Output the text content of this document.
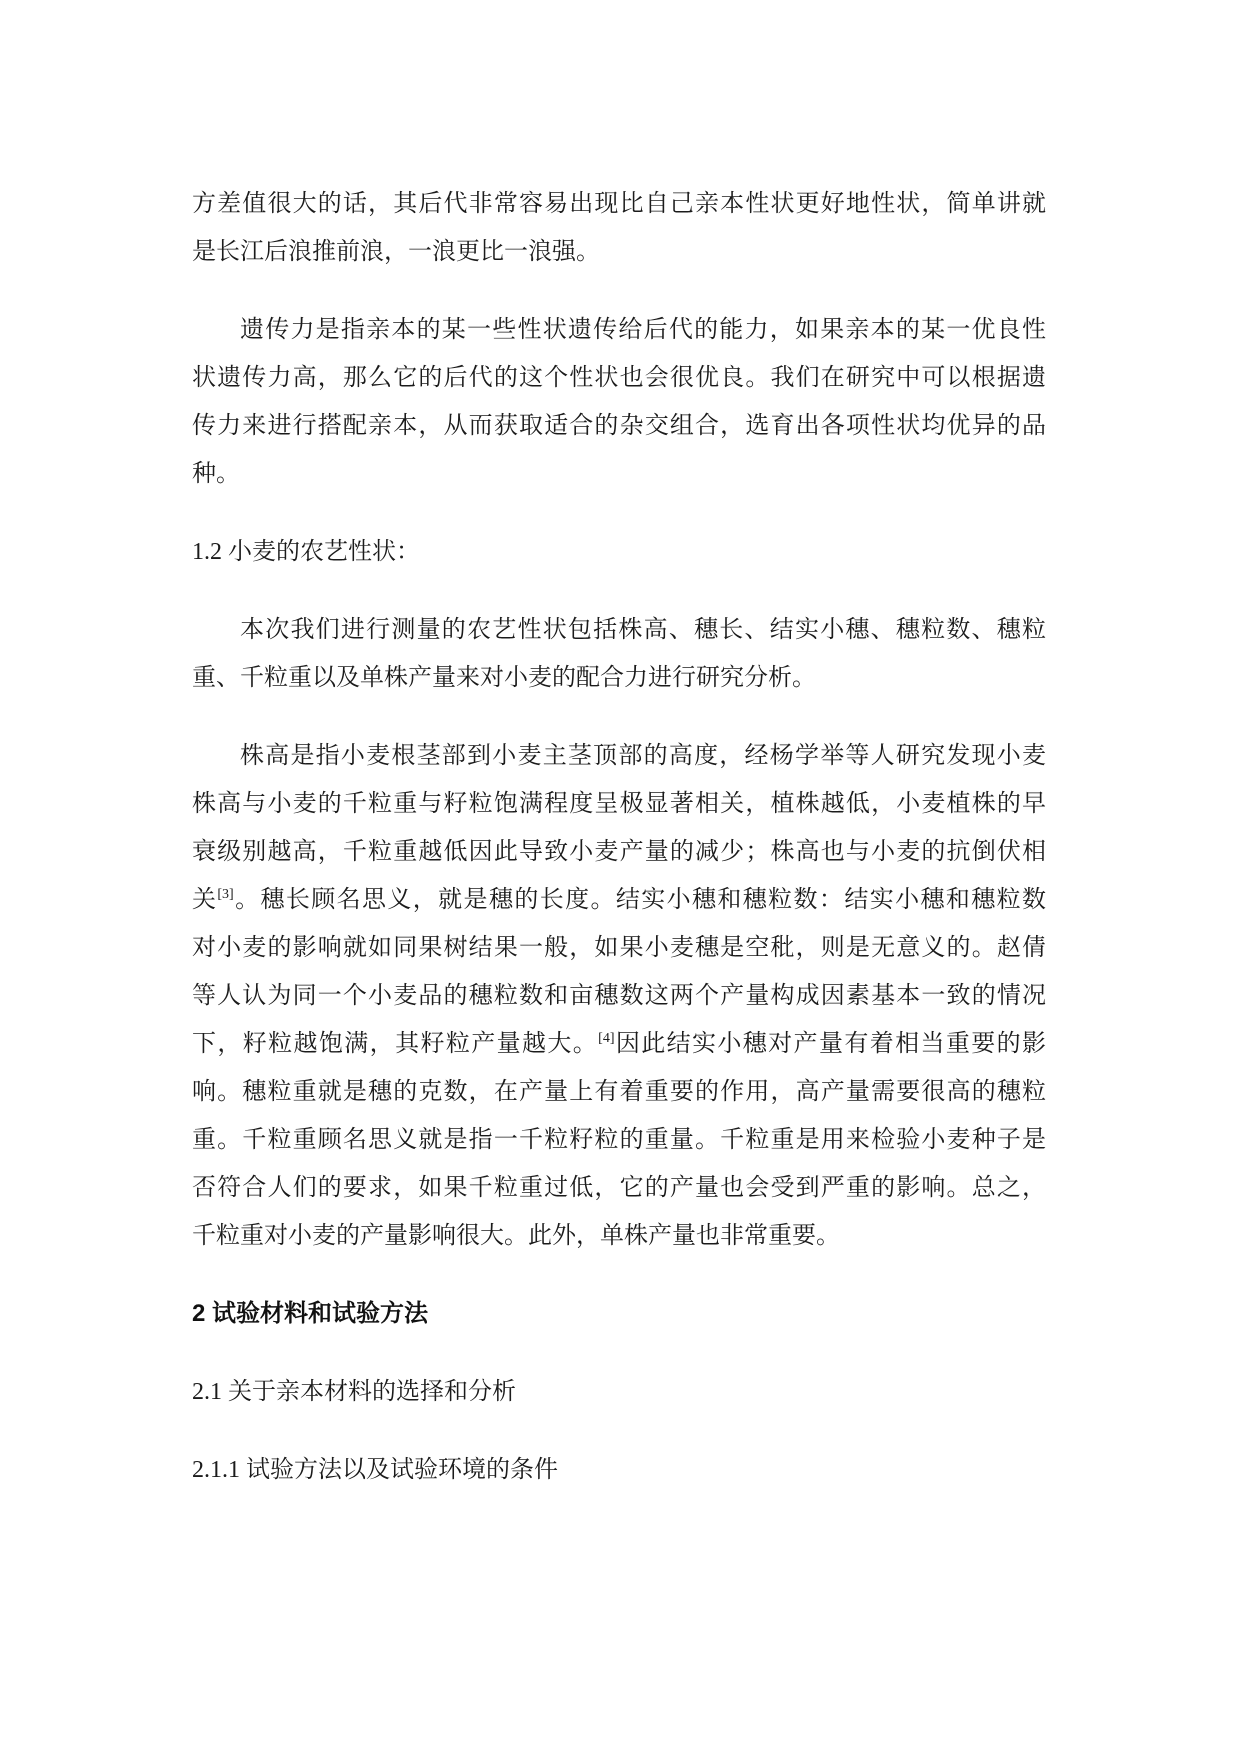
方差值很大的话，其后代非常容易出现比自己亲本性状更好地性状，简单讲就
是长江后浪推前浪，一浪更比一浪强。
遗传力是指亲本的某一些性状遗传给后代的能力，如果亲本的某一优良性
状遗传力高，那么它的后代的这个性状也会很优良。我们在研究中可以根据遗
传力来进行搭配亲本，从而获取适合的杂交组合，选育出各项性状均优异的品
种。
1.2 小麦的农艺性状：
本次我们进行测量的农艺性状包括株高、穗长、结实小穗、穗粒数、穗粒
重、千粒重以及单株产量来对小麦的配合力进行研究分析。
株高是指小麦根茎部到小麦主茎顶部的高度，经杨学举等人研究发现小麦
株高与小麦的千粒重与籽粒饱满程度呈极显著相关，植株越低，小麦植株的早
衰级别越高，千粒重越低因此导致小麦产量的减少；株高也与小麦的抗倒伏相
关[3]。穗长顾名思义，就是穗的长度。结实小穗和穗粒数：结实小穗和穗粒数
对小麦的影响就如同果树结果一般，如果小麦穗是空秕，则是无意义的。赵倩
等人认为同一个小麦品的穗粒数和亩穗数这两个产量构成因素基本一致的情况
下，籽粒越饱满，其籽粒产量越大。[4]因此结实小穗对产量有着相当重要的影
响。穗粒重就是穗的克数，在产量上有着重要的作用，高产量需要很高的穗粒
重。千粒重顾名思义就是指一千粒籽粒的重量。千粒重是用来检验小麦种子是
否符合人们的要求，如果千粒重过低，它的产量也会受到严重的影响。总之，
千粒重对小麦的产量影响很大。此外，单株产量也非常重要。
2 试验材料和试验方法
2.1 关于亲本材料的选择和分析
2.1.1 试验方法以及试验环境的条件
